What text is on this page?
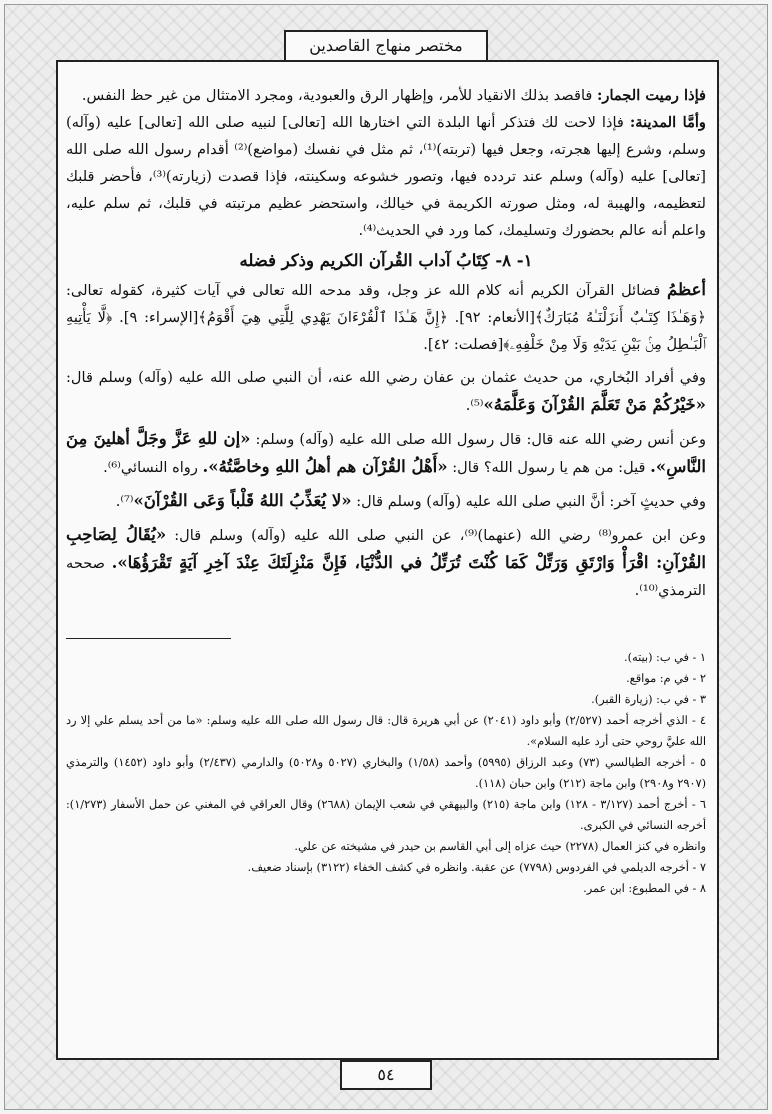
مختصر منهاج القاصدين

فإذا رميت الجمار: فاقصد بذلك الانقياد للأمر، وإظهار الرق والعبودية، ومجرد الامتثال من غير حظ النفس.

وأمَّا المدينة: فإذا لاحت لك فتذكر أنها البلدة التي اختارها الله [تعالى] لنبيه صلى الله [تعالى] عليه (وآله) وسلم، وشرع إليها هجرته، وجعل فيها (تربته)⁽¹⁾، ثم مثل في نفسك (مواضع)⁽²⁾ أقدام رسول الله صلى الله [تعالى] عليه (وآله) وسلم عند تردده فيها، وتصور خشوعه وسكينته، فإذا قصدت (زيارته)⁽³⁾، فأحضر قلبك لتعظيمه، والهيبة له، ومثل صورته الكريمة في خيالك، واستحضر عظيم مرتبته في قلبك، ثم سلم عليه، واعلم أنه عالم بحضورك وتسليمك، كما ورد في الحديث⁽⁴⁾.

١- ٨- كِتَابُ آداب القُرآن الكريم وذكر فضله

أعظمُ فضائل القرآن الكريم أنه كلام الله عز وجل، وقد مدحه الله تعالى في آيات كثيرة، كقوله تعالى: ﴿وَهَـٰذَا كِتَـٰبٌ أَنزَلْنَـٰهُ مُبَارَكٌ﴾[الأنعام: ٩٢]. ﴿إِنَّ هَـٰذَا ٱلْقُرْءَانَ يَهْدِي لِلَّتِي هِيَ أَقْوَمُ﴾[الإسراء: ٩]. ﴿لَّا يَأْتِيهِ ٱلْبَـٰطِلُ مِنۢ بَيْنِ يَدَيْهِ وَلَا مِنْ خَلْفِهِۦ﴾[فصلت: ٤٢].

وفي أفراد البُخاري، من حديث عثمان بن عفان رضي الله عنه، أن النبي صلى الله عليه (وآله) وسلم قال: «خَيْرُكُمْ مَنْ تَعَلَّمَ القُرْآنَ وَعَلَّمَهُ»⁽⁵⁾.

وعن أنس رضي الله عنه قال: قال رسول الله صلى الله عليه (وآله) وسلم: «إن للهِ عَزَّ وجَلَّ أهلينَ مِنَ النَّاسِ». قيل: من هم يا رسول الله؟ قال: «أَهْلُ القُرْآن هم أهلُ اللهِ وخاصَّتُهُ». رواه النسائي⁽⁶⁾.

وفي حديثٍ آخر: أنَّ النبي صلى الله عليه (وآله) وسلم قال: «لا يُعَذِّبُ اللهُ قَلْباً وَعَى القُرْآنَ»⁽⁷⁾.

وعن ابن عمرو⁽⁸⁾ رضي الله (عنهما)⁽⁹⁾، عن النبي صلى الله عليه (وآله) وسلم قال: «يُقَالُ لِصَاحِبِ القُرْآنِ: اقْرَأْ وَارْتَقِ وَرَتِّلْ كَمَا كُنْتَ تُرَتِّلُ في الدُّنْيَا، فَإِنَّ مَنْزِلَتَكَ عِنْدَ آخِرِ آيَةٍ تَقْرَؤُهَا». صححه الترمذي⁽¹⁰⁾.

١ - في ب: (بيته).

٢ - في م: مواقع.

٣ - في ب: (زيارة القبر).

٤ - الذي أخرجه أحمد (٢/٥٢٧) وأبو داود (٢٠٤١) عن أبي هريرة قال: قال رسول الله صلى الله عليه وسلم: «ما من أحد يسلم علي إلا رد الله عليَّ روحي حتى أرد عليه السلام».

٥ - أخرجه الطيالسي (٧٣) وعبد الرزاق (٥٩٩٥) وأحمد (١/٥٨) والبخاري (٥٠٢٧ و٥٠٢٨) والدارمي (٢/٤٣٧) وأبو داود (١٤٥٢) والترمذي (٢٩٠٧ و٢٩٠٨) وابن ماجة (٢١٢) وابن حبان (١١٨).

٦ - أخرج أحمد (٣/١٢٧ - ١٢٨) وابن ماجة (٢١٥) والبيهقي في شعب الإيمان (٢٦٨٨) وقال العراقي في المغني عن حمل الأسفار (١/٢٧٣): أخرجه النسائي في الكبرى.

وانظره في كنز العمال (٢٢٧٨) حيث عزاه إلى أبي القاسم بن حيدر في مشيخته عن علي.

٧ - أخرجه الديلمي في الفردوس (٧٧٩٨) عن عقبة. وانظره في كشف الخفاء (٣١٢٢) بإسناد ضعيف.

٨ - في المطبوع: ابن عمر.

٥٤
